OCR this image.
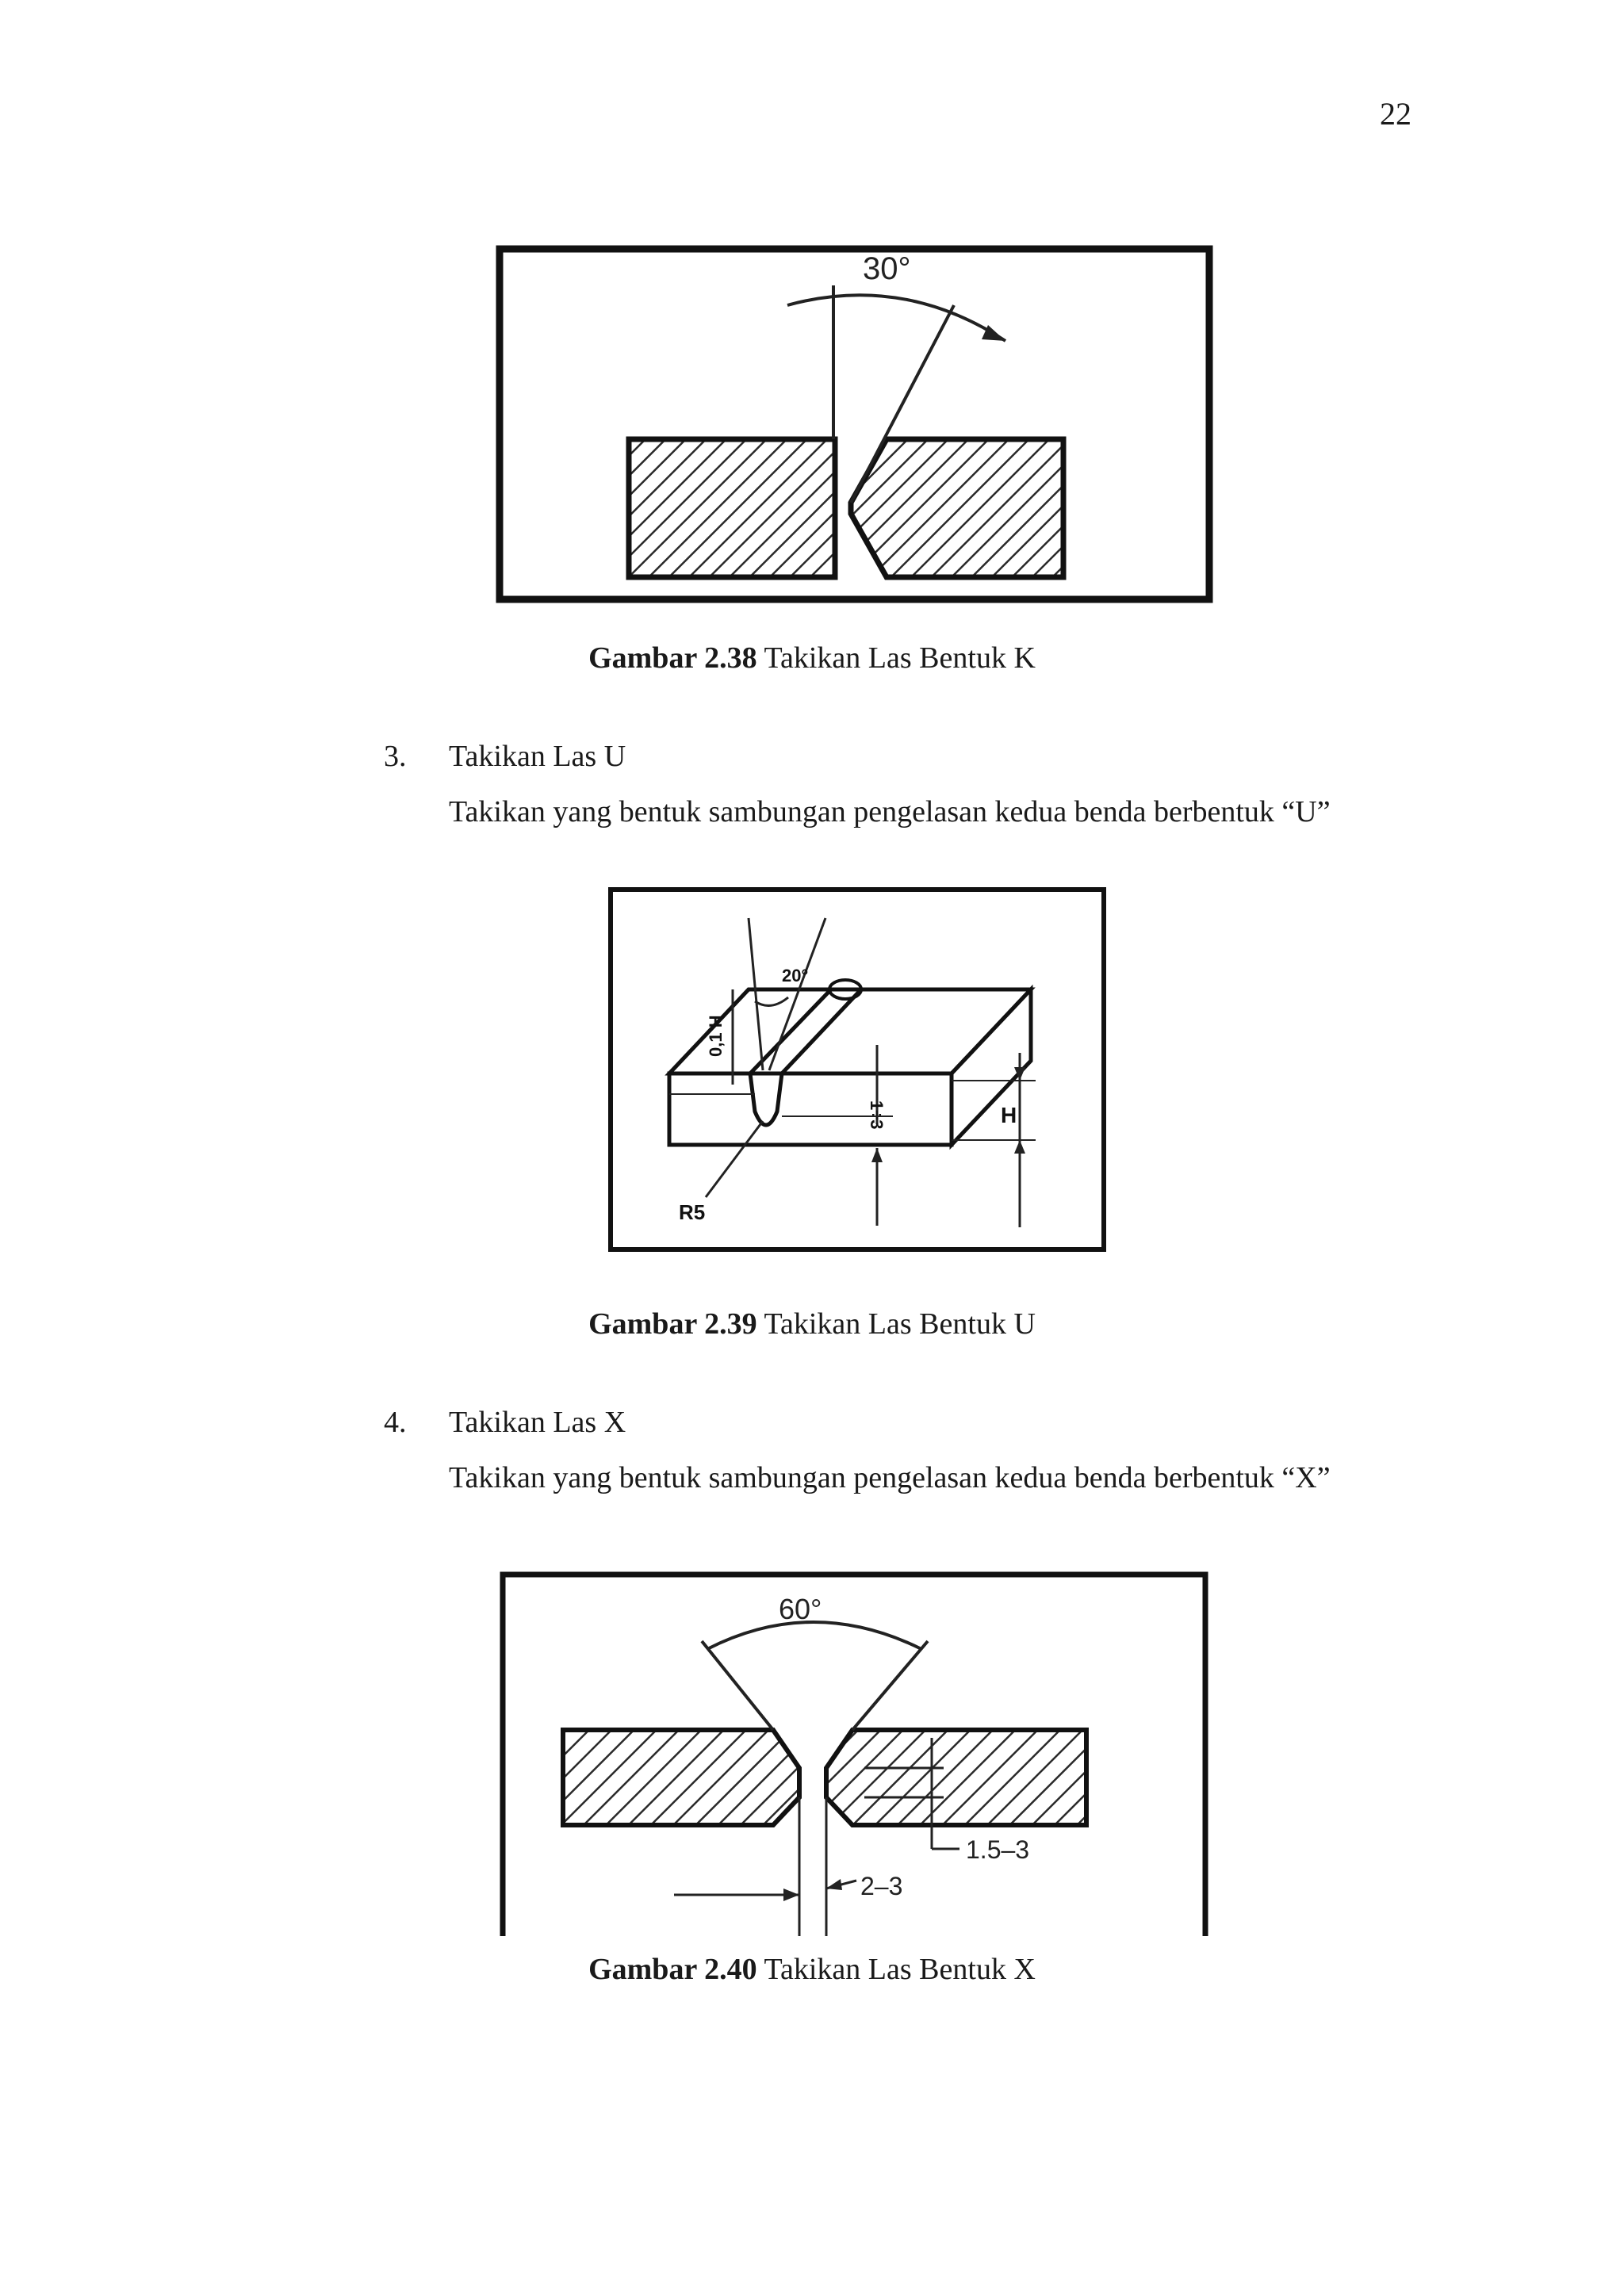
22
30°
Gambar 2.38 Takikan Las Bentuk K
3. Takikan Las U
Takikan yang bentuk sambungan pengelasan kedua benda berbentuk “U”
20°
0,1 H
1÷3	H
R5
Gambar 2.39 Takikan Las Bentuk U
4. Takikan Las X
Takikan yang bentuk sambungan pengelasan kedua benda berbentuk “X”
60°
1.5–3
2–3
Gambar 2.40 Takikan Las Bentuk X
